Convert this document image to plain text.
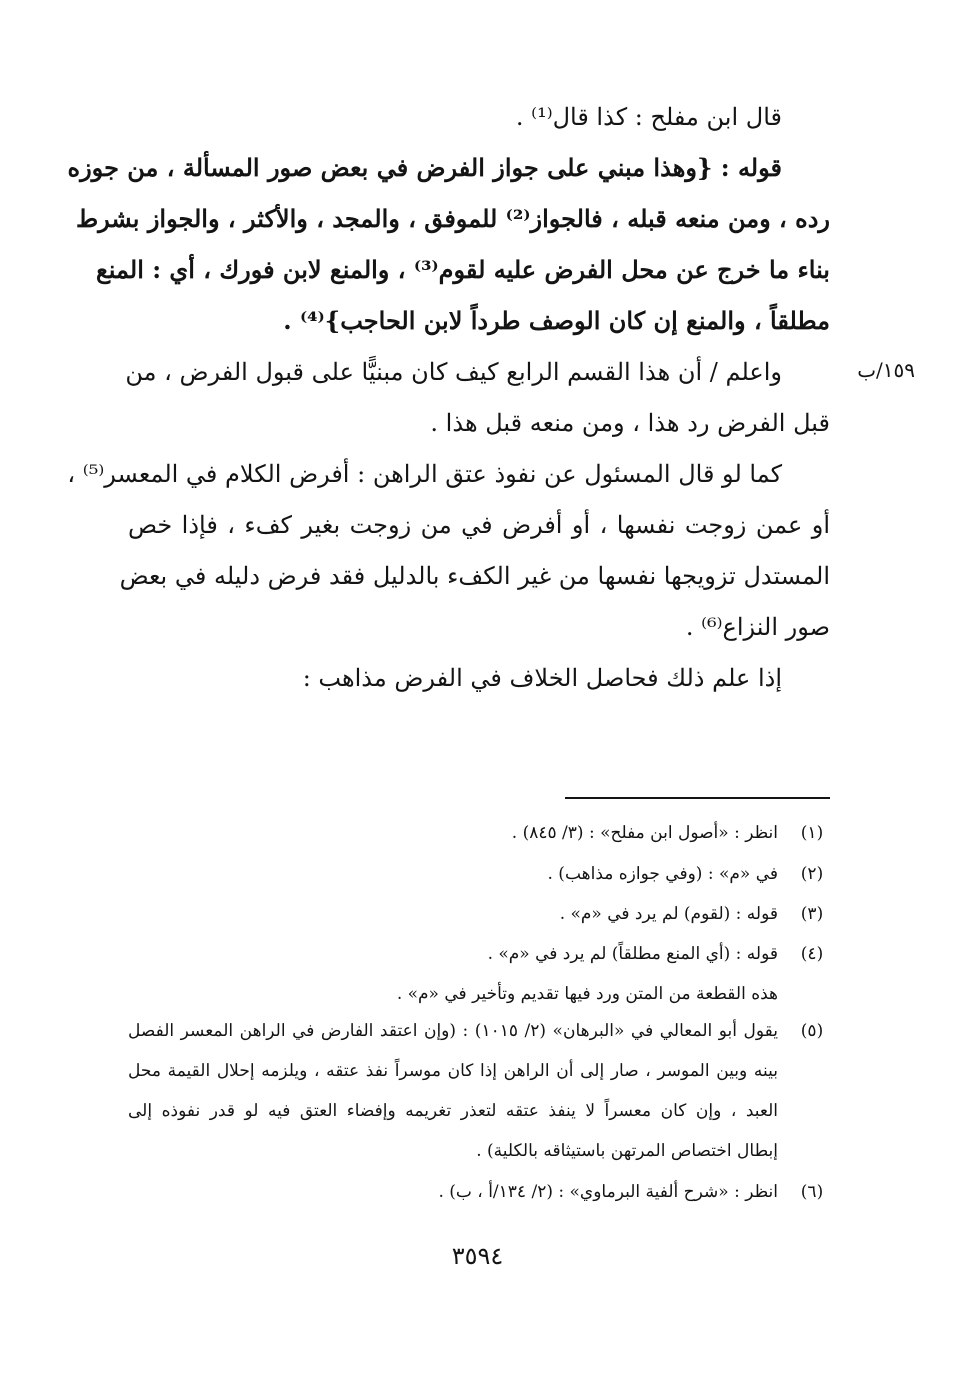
قال ابن مفلح : كذا قال⁽¹⁾ .
قوله : {وهذا مبني على جواز الفرض في بعض صور المسألة ، من جوزه
رده ، ومن منعه قبله ، فالجواز⁽²⁾ للموفق ، والمجد ، والأكثر ، والجواز بشرط
بناء ما خرج عن محل الفرض عليه لقوم⁽³⁾ ، والمنع لابن فورك ، أي : المنع
مطلقاً ، والمنع إن كان الوصف طرداً لابن الحاجب}⁽⁴⁾ .
واعلم / أن هذا القسم الرابع كيف كان مبنيًّا على قبول الفرض ، من
قبل الفرض رد هذا ، ومن منعه قبل هذا .
كما لو قال المسئول عن نفوذ عتق الراهن : أفرض الكلام في المعسر⁽⁵⁾ ،
أو عمن زوجت نفسها ، أو أفرض في من زوجت بغير كفء ، فإذا خص
المستدل تزويجها نفسها من غير الكفء بالدليل فقد فرض دليله في بعض
صور النزاع⁽⁶⁾ .
إذا علم ذلك فحاصل الخلاف في الفرض مذاهب :
١٥٩/ب
(١)
انظر : «أصول ابن مفلح» : (٣/ ٨٤٥) .
(٢)
في «م» : (وفي جوازه مذاهب) .
(٣)
قوله : (لقوم) لم يرد في «م» .
(٤)
قوله : (أي المنع مطلقاً) لم يرد في «م» .
هذه القطعة من المتن ورد فيها تقديم وتأخير في «م» .
(٥)
يقول أبو المعالي في «البرهان» (٢/ ١٠١٥) : (وإن اعتقد الفارض في الراهن المعسر الفصل
بينه وبين الموسر ، صار إلى أن الراهن إذا كان موسراً نفذ عتقه ، ويلزمه إحلال القيمة محل
العبد ، وإن كان معسراً لا ينفذ عتقه لتعذر تغريمه وإفضاء العتق فيه لو قدر نفوذه إلى
إبطال اختصاص المرتهن باستيثاقه بالكلية) .
(٦)
انظر : «شرح ألفية البرماوي» : (٢/ ١٣٤/أ ، ب) .
٣٥٩٤
